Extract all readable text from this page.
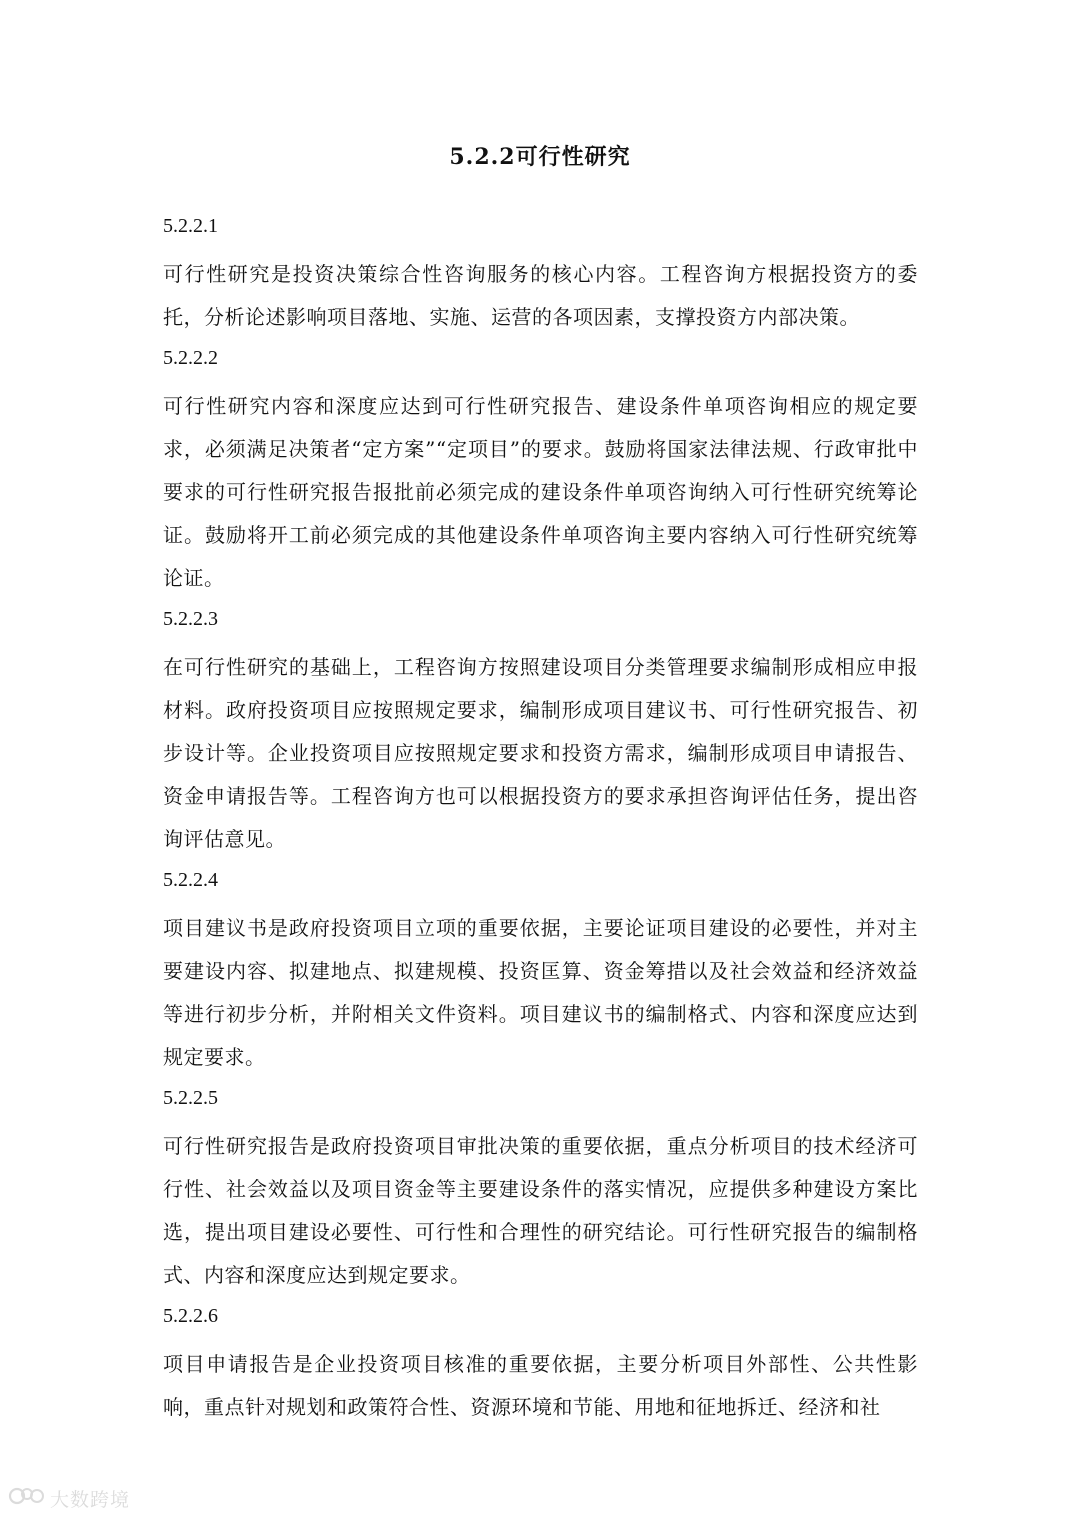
5.2.2可行性研究
5.2.2.1

可行性研究是投资决策综合性咨询服务的核心内容。工程咨询方根据投资方的委托，分析论述影响项目落地、实施、运营的各项因素，支撑投资方内部决策。

5.2.2.2

可行性研究内容和深度应达到可行性研究报告、建设条件单项咨询相应的规定要求，必须满足决策者“定方案”“定项目”的要求。鼓励将国家法律法规、行政审批中要求的可行性研究报告报批前必须完成的建设条件单项咨询纳入可行性研究统筹论证。鼓励将开工前必须完成的其他建设条件单项咨询主要内容纳入可行性研究统筹论证。

5.2.2.3

在可行性研究的基础上，工程咨询方按照建设项目分类管理要求编制形成相应申报材料。政府投资项目应按照规定要求，编制形成项目建议书、可行性研究报告、初步设计等。企业投资项目应按照规定要求和投资方需求，编制形成项目申请报告、资金申请报告等。工程咨询方也可以根据投资方的要求承担咨询评估任务，提出咨询评估意见。

5.2.2.4

项目建议书是政府投资项目立项的重要依据，主要论证项目建设的必要性，并对主要建设内容、拟建地点、拟建规模、投资匡算、资金筹措以及社会效益和经济效益等进行初步分析，并附相关文件资料。项目建议书的编制格式、内容和深度应达到规定要求。

5.2.2.5

可行性研究报告是政府投资项目审批决策的重要依据，重点分析项目的技术经济可行性、社会效益以及项目资金等主要建设条件的落实情况，应提供多种建设方案比选，提出项目建设必要性、可行性和合理性的研究结论。可行性研究报告的编制格式、内容和深度应达到规定要求。

5.2.2.6

项目申请报告是企业投资项目核准的重要依据，主要分析项目外部性、公共性影响，重点针对规划和政策符合性、资源环境和节能、用地和征地拆迁、经济和社

大数跨境
